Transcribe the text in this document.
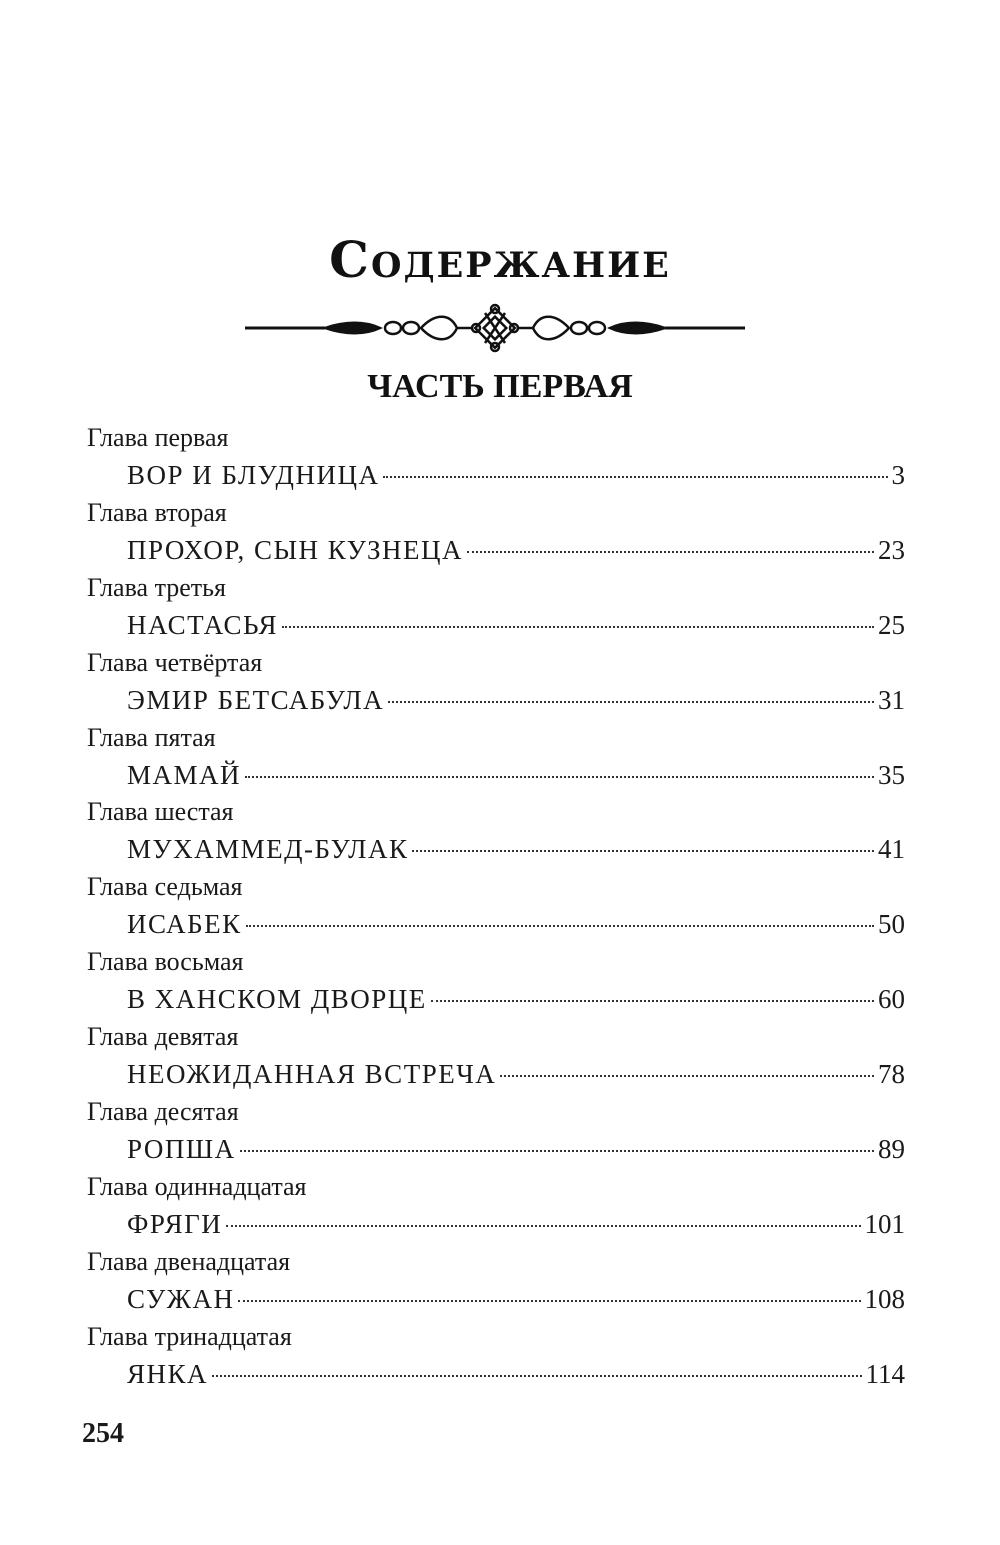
Содержание
ЧАСТЬ ПЕРВАЯ
Глава первая
ВОР И БЛУДНИЦА	3
Глава вторая
ПРОХОР, СЫН КУЗНЕЦА	23
Глава третья
НАСТАСЬЯ	25
Глава четвёртая
ЭМИР БЕТСАБУЛА	31
Глава пятая
МАМАЙ	35
Глава шестая
МУХАММЕД-БУЛАК	41
Глава седьмая
ИСАБЕК	50
Глава восьмая
В ХАНСКОМ ДВОРЦЕ	60
Глава девятая
НЕОЖИДАННАЯ ВСТРЕЧА	78
Глава десятая
РОПША	89
Глава одиннадцатая
ФРЯГИ	101
Глава двенадцатая
СУЖАН	108
Глава тринадцатая
ЯНКА	114
254
